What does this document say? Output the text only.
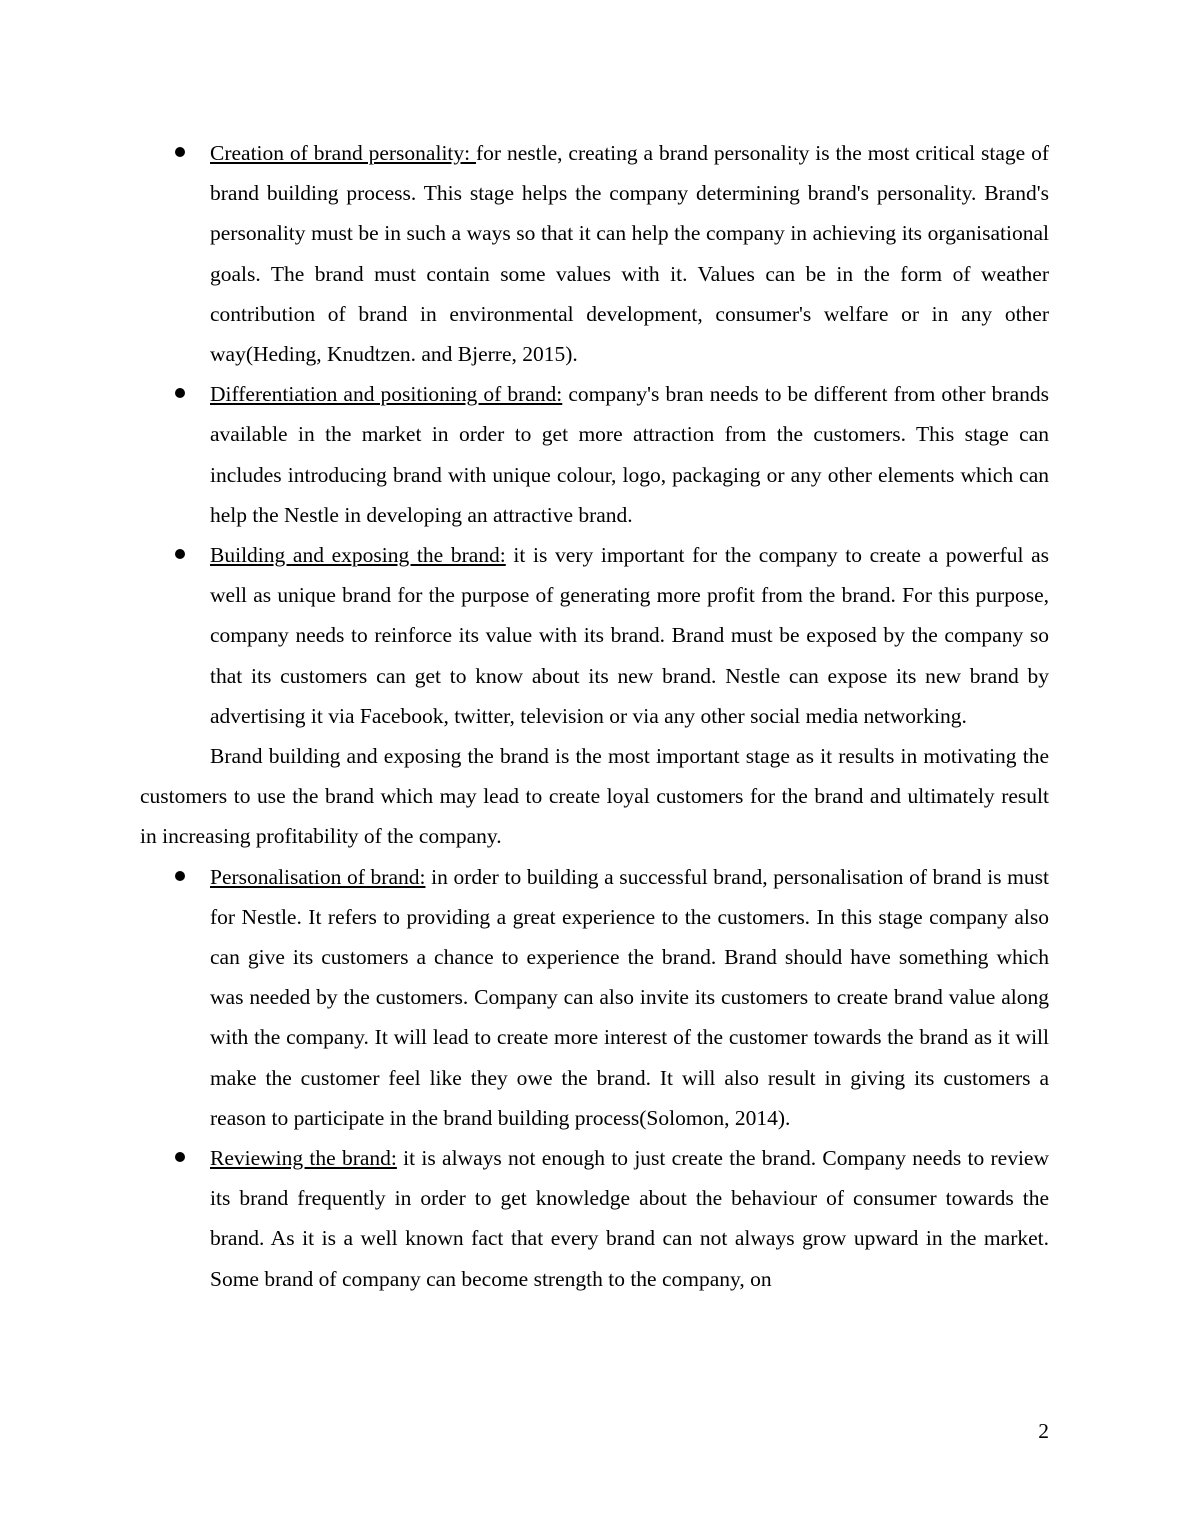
Creation of brand personality: for nestle, creating a brand personality is the most critical stage of brand building process. This stage helps the company determining brand's personality. Brand's personality must be in such a ways so that it can help the company in achieving its organisational goals. The brand must contain some values with it. Values can be in the form of weather contribution of brand in environmental development, consumer's welfare or in any other way(Heding, Knudtzen. and Bjerre, 2015).
Differentiation and positioning of brand: company's bran needs to be different from other brands available in the market in order to get more attraction from the customers. This stage can includes introducing brand with unique colour, logo, packaging or any other elements which can help the Nestle in developing an attractive brand.
Building and exposing the brand: it is very important for the company to create a powerful as well as unique brand for the purpose of generating more profit from the brand. For this purpose, company needs to reinforce its value with its brand. Brand must be exposed by the company so that its customers can get to know about its new brand. Nestle can expose its new brand by advertising it via Facebook, twitter, television or via any other social media networking.

Brand building and exposing the brand is the most important stage as it results in motivating the customers to use the brand which may lead to create loyal customers for the brand and ultimately result in increasing profitability of the company.

Personalisation of brand: in order to building a successful brand, personalisation of brand is must for Nestle. It refers to providing a great experience to the customers. In this stage company also can give its customers a chance to experience the brand. Brand should have something which was needed by the customers. Company can also invite its customers to create brand value along with the company. It will lead to create more interest of the customer towards the brand as it will make the customer feel like they owe the brand. It will also result in giving its customers a reason to participate in the brand building process(Solomon, 2014).
Reviewing the brand: it is always not enough to just create the brand. Company needs to review its brand frequently in order to get knowledge about the behaviour of consumer towards the brand. As it is a well known fact that every brand can not always grow upward in the market. Some brand of company can become strength to the company, on
2
